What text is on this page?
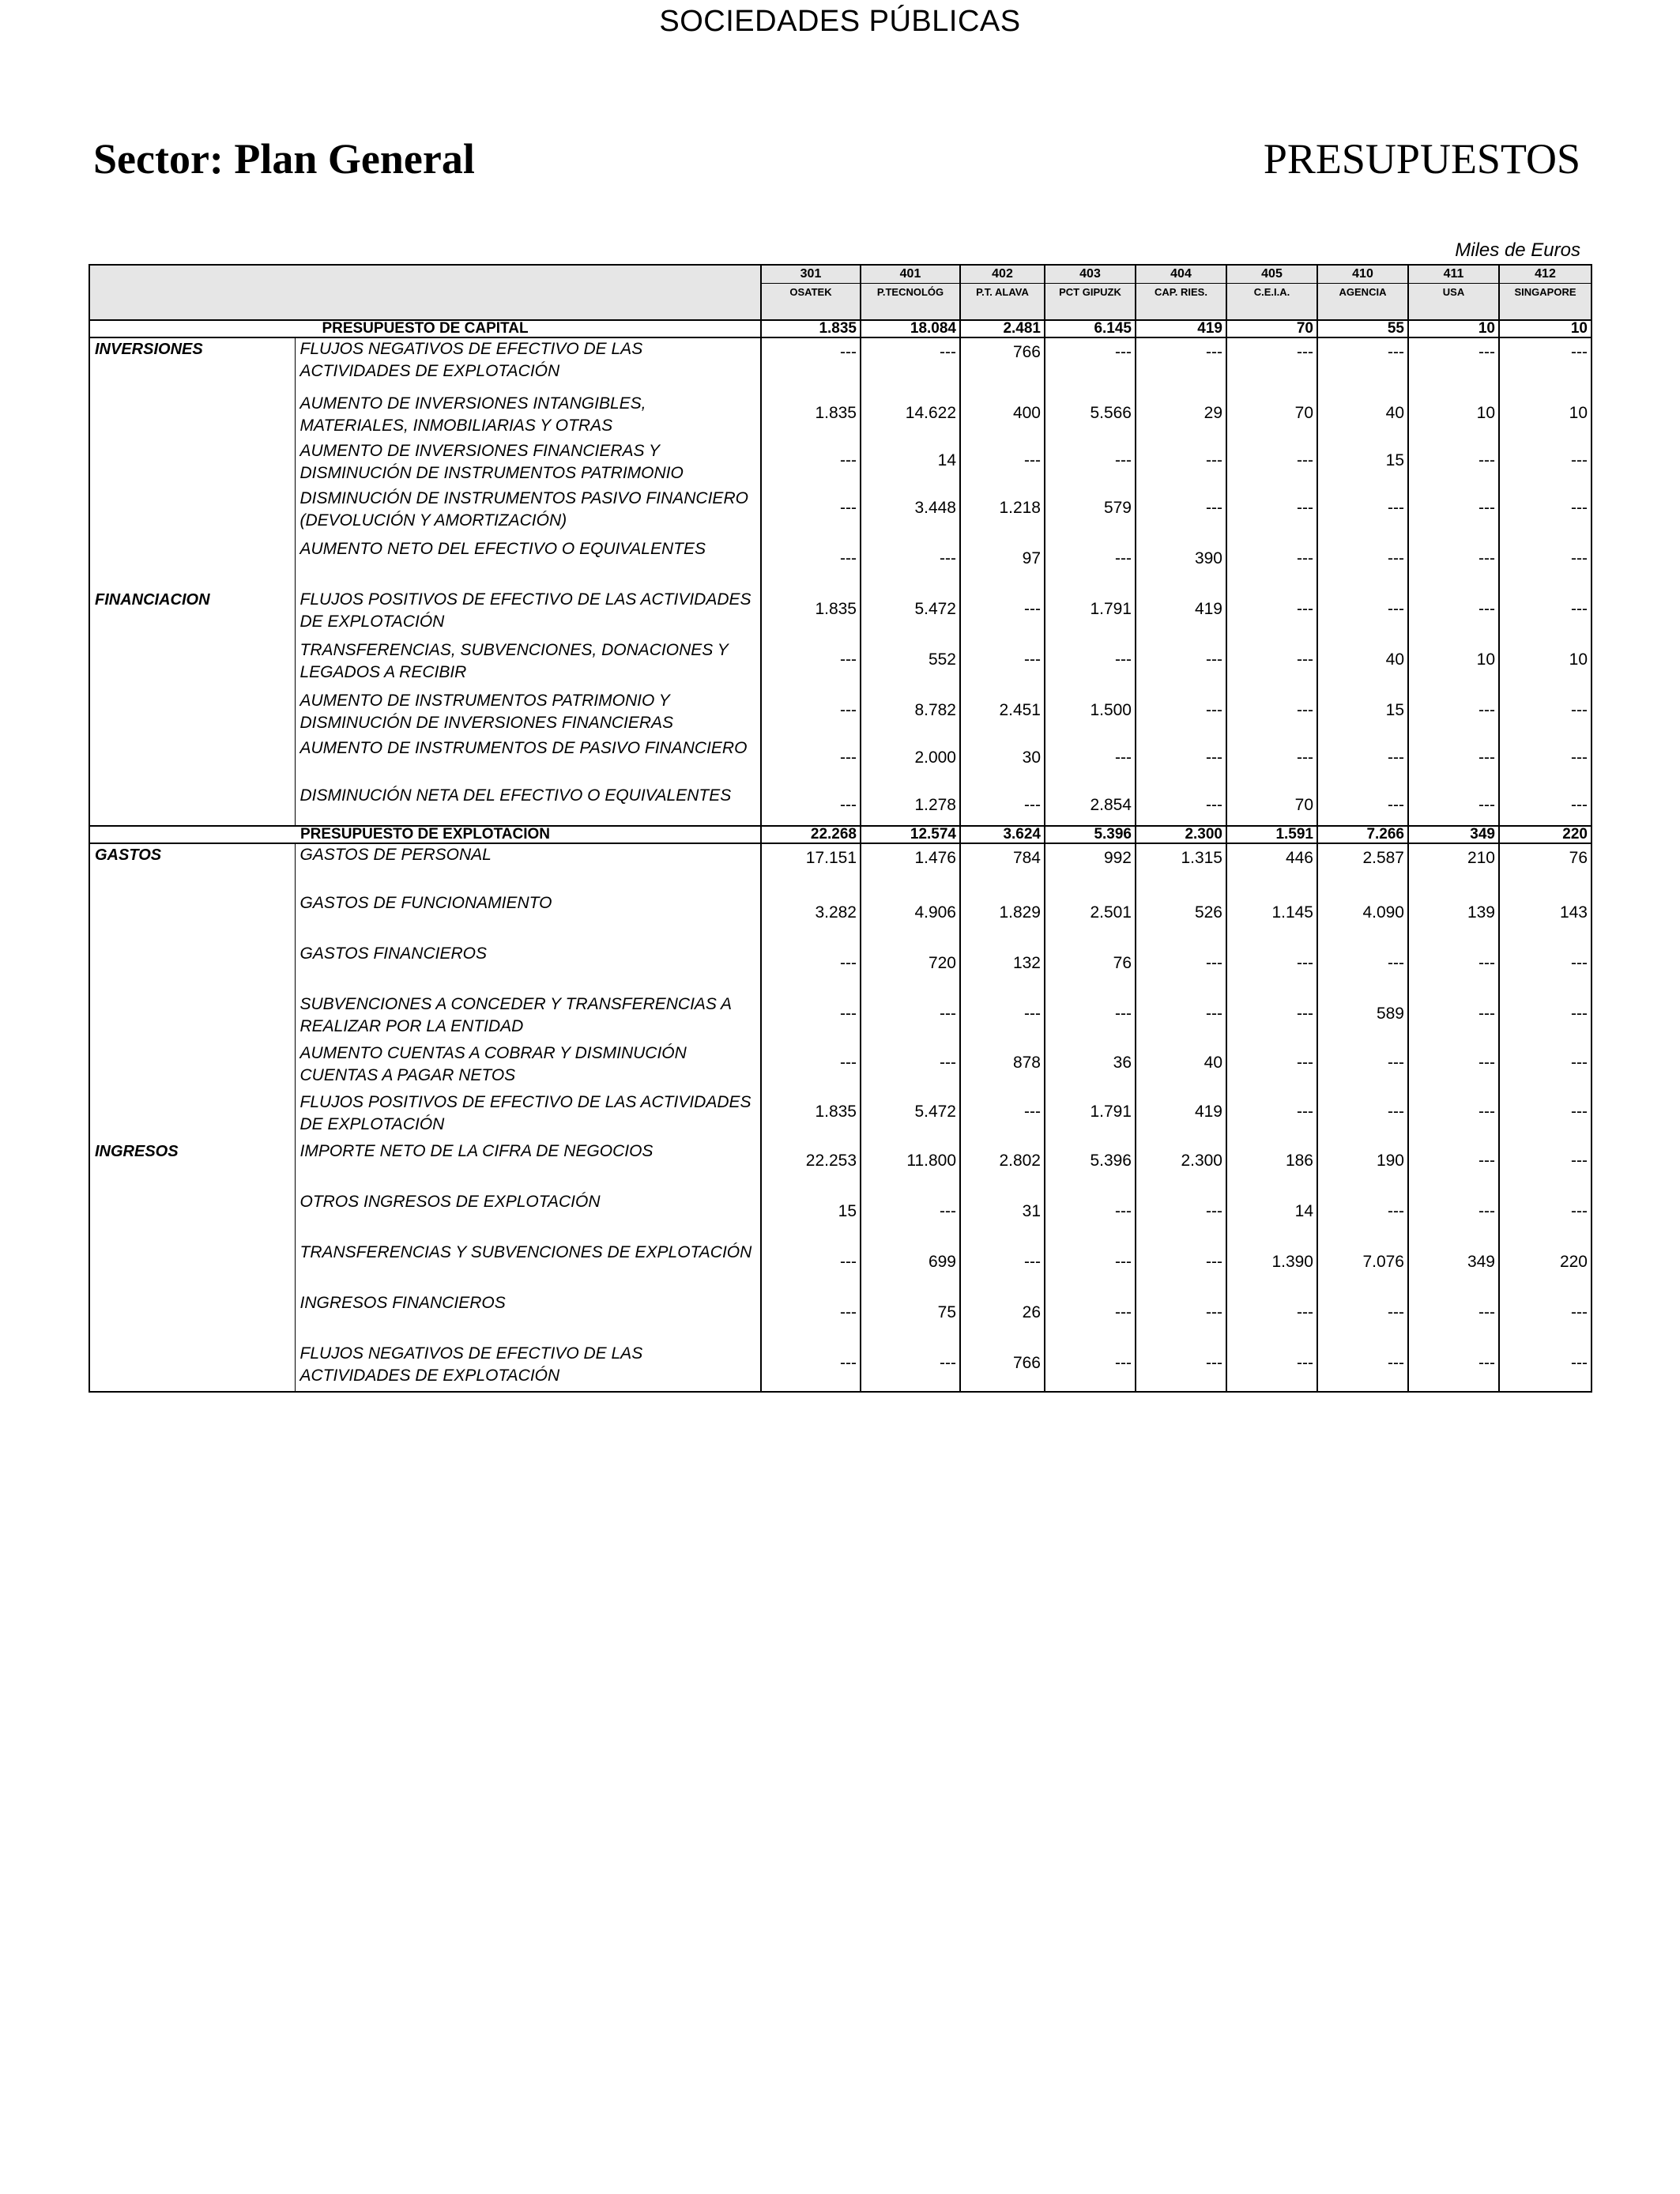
SOCIEDADES PÚBLICAS
Sector: Plan General	PRESUPUESTOS
Miles de Euros
		301	401	402	403	404	405	410	411	412
		OSATEK	P.TECNOLÓG	P.T. ALAVA	PCT GIPUZK	CAP. RIES.	C.E.I.A.	AGENCIA	USA	SINGAPORE
PRESUPUESTO DE CAPITAL		1.835	18.084	2.481	6.145	419	70	55	10	10
INVERSIONES	FLUJOS NEGATIVOS DE EFECTIVO DE LAS ACTIVIDADES DE EXPLOTACIÓN	---	---	766	---	---	---	---	---	---
	AUMENTO DE INVERSIONES INTANGIBLES, MATERIALES, INMOBILIARIAS Y OTRAS	1.835	14.622	400	5.566	29	70	40	10	10
	AUMENTO DE INVERSIONES FINANCIERAS Y DISMINUCIÓN DE INSTRUMENTOS PATRIMONIO	---	14	---	---	---	---	15	---	---
	DISMINUCIÓN DE INSTRUMENTOS PASIVO FINANCIERO (DEVOLUCIÓN Y AMORTIZACIÓN)	---	3.448	1.218	579	---	---	---	---	---
	AUMENTO NETO DEL EFECTIVO O EQUIVALENTES	---	---	97	---	390	---	---	---	---
FINANCIACION	FLUJOS POSITIVOS DE EFECTIVO DE LAS ACTIVIDADES DE EXPLOTACIÓN	1.835	5.472	---	1.791	419	---	---	---	---
	TRANSFERENCIAS, SUBVENCIONES, DONACIONES Y LEGADOS A RECIBIR	---	552	---	---	---	---	40	10	10
	AUMENTO DE INSTRUMENTOS PATRIMONIO Y DISMINUCIÓN DE INVERSIONES FINANCIERAS	---	8.782	2.451	1.500	---	---	15	---	---
	AUMENTO DE INSTRUMENTOS DE PASIVO FINANCIERO	---	2.000	30	---	---	---	---	---	---
	DISMINUCIÓN NETA DEL EFECTIVO O EQUIVALENTES	---	1.278	---	2.854	---	70	---	---	---
PRESUPUESTO DE EXPLOTACION		22.268	12.574	3.624	5.396	2.300	1.591	7.266	349	220
GASTOS	GASTOS DE PERSONAL	17.151	1.476	784	992	1.315	446	2.587	210	76
	GASTOS DE FUNCIONAMIENTO	3.282	4.906	1.829	2.501	526	1.145	4.090	139	143
	GASTOS FINANCIEROS	---	720	132	76	---	---	---	---	---
	SUBVENCIONES A CONCEDER Y TRANSFERENCIAS A REALIZAR POR LA ENTIDAD	---	---	---	---	---	---	589	---	---
	AUMENTO CUENTAS A COBRAR Y DISMINUCIÓN CUENTAS A PAGAR NETOS	---	---	878	36	40	---	---	---	---
	FLUJOS POSITIVOS DE EFECTIVO DE LAS ACTIVIDADES DE EXPLOTACIÓN	1.835	5.472	---	1.791	419	---	---	---	---
INGRESOS	IMPORTE NETO DE LA CIFRA DE NEGOCIOS	22.253	11.800	2.802	5.396	2.300	186	190	---	---
	OTROS INGRESOS DE EXPLOTACIÓN	15	---	31	---	---	14	---	---	---
	TRANSFERENCIAS Y SUBVENCIONES DE EXPLOTACIÓN	---	699	---	---	---	1.390	7.076	349	220
	INGRESOS FINANCIEROS	---	75	26	---	---	---	---	---	---
	FLUJOS NEGATIVOS DE EFECTIVO DE LAS ACTIVIDADES DE EXPLOTACIÓN	---	---	766	---	---	---	---	---	---
